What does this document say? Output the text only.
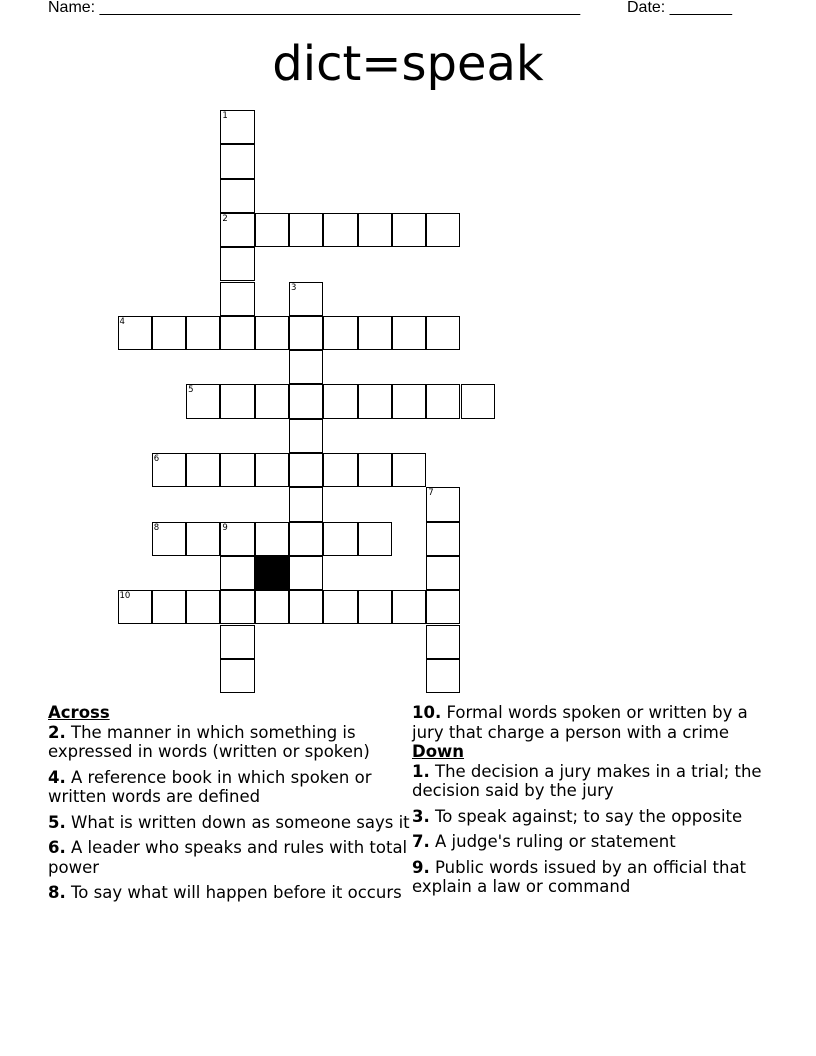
Name: ______________________________________________________	Date: _______
dict=speak
1
2
3
4
5
6
7
8	9
10
Across
2. The manner in which something is expressed in words (written or spoken)
4. A reference book in which spoken or written words are defined
5. What is written down as someone says it
6. A leader who speaks and rules with total power
8. To say what will happen before it occurs
10. Formal words spoken or written by a jury that charge a person with a crime
Down
1. The decision a jury makes in a trial; the decision said by the jury
3. To speak against; to say the opposite
7. A judge's ruling or statement
9. Public words issued by an official that explain a law or command
